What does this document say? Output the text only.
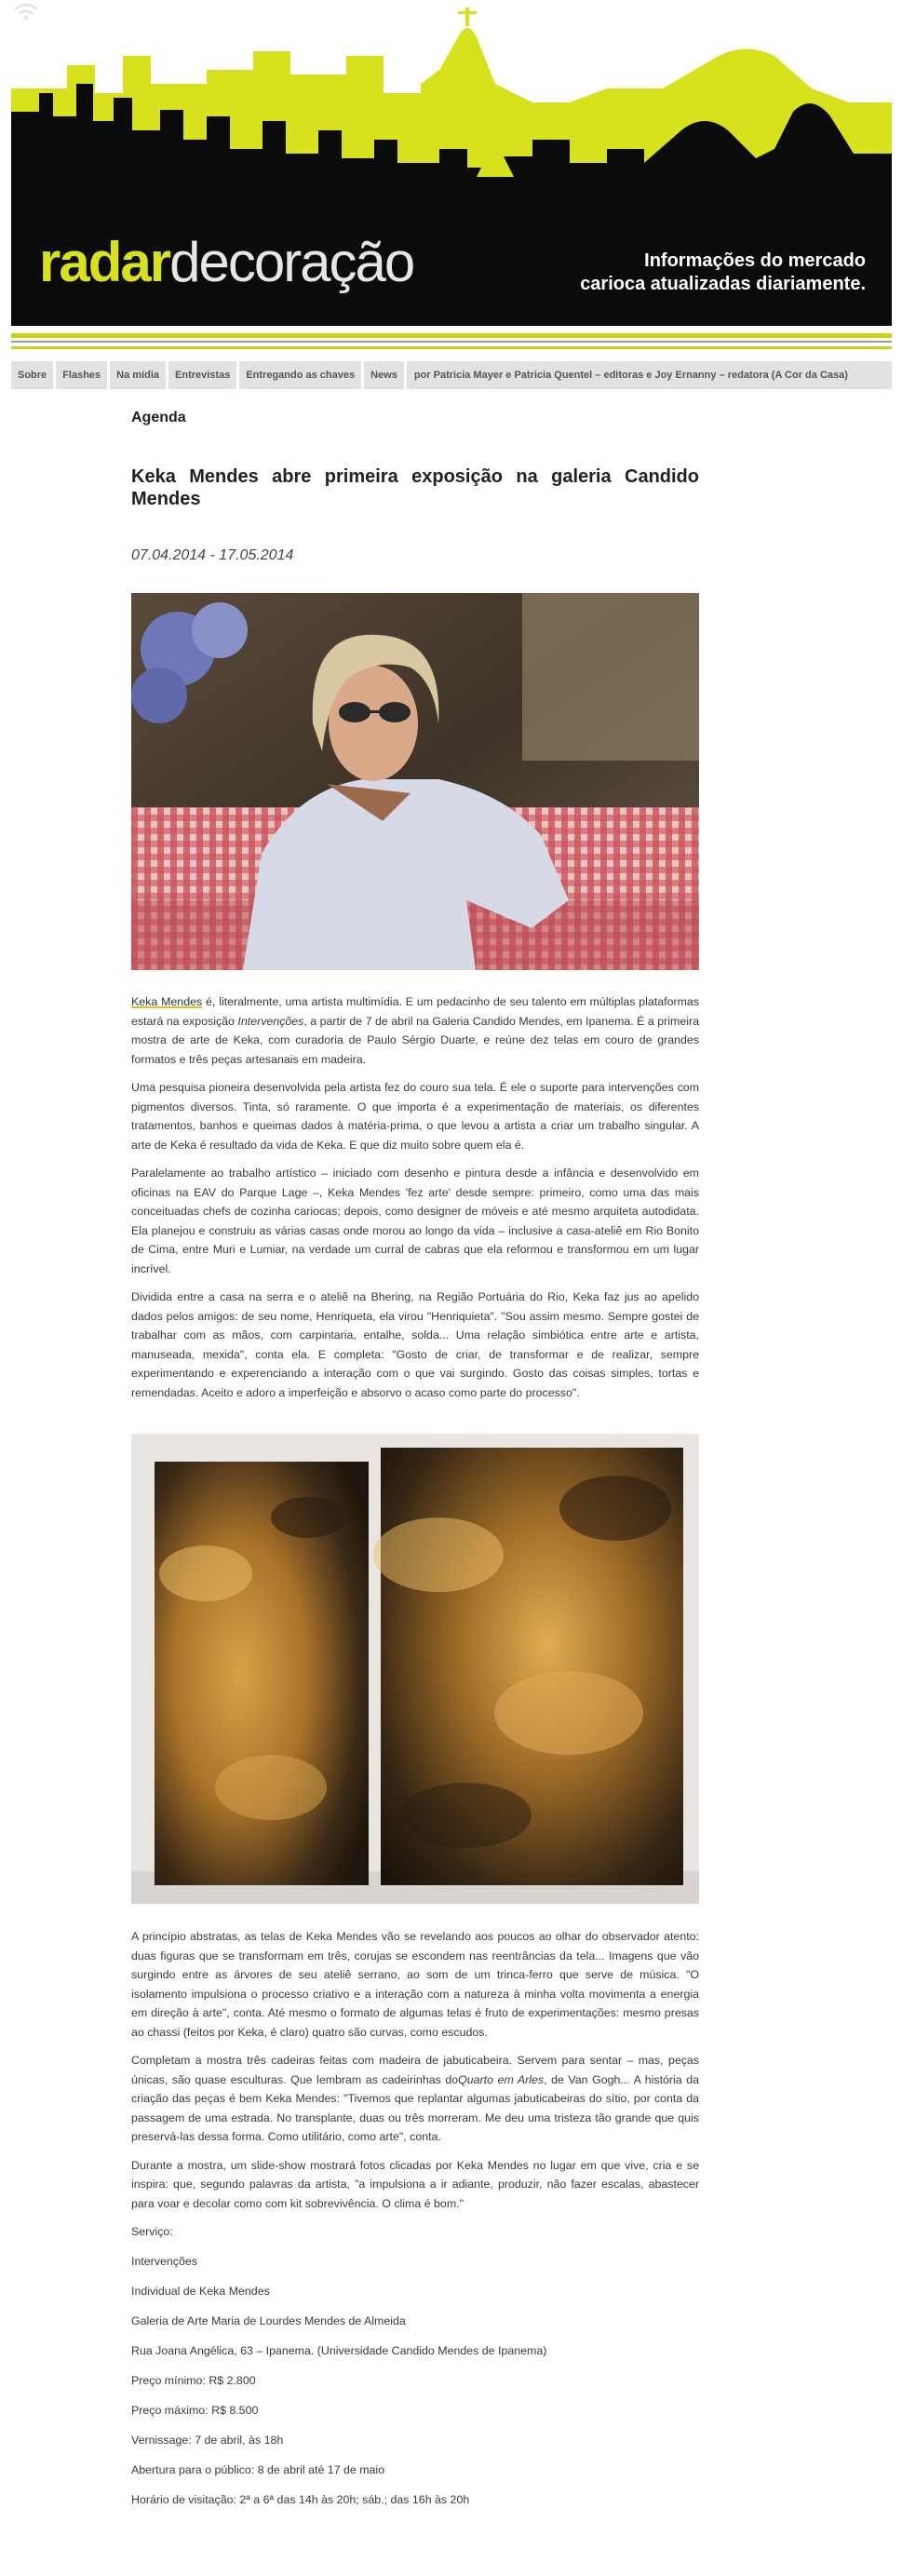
radardecoração	Informações do mercado
carioca atualizadas diariamente.
Sobre	Flashes	Na mídia	Entrevistas	Entregando as chaves	News	por Patricia Mayer e Patricia Quentel – editoras e Joy Ernanny – redatora (A Cor da Casa)
Agenda
Keka Mendes abre primeira exposição na galeria Candido Mendes
07.04.2014 - 17.05.2014

Keka Mendes é, literalmente, uma artista multimídia. E um pedacinho de seu talento em múltiplas plataformas estará na exposição Intervenções, a partir de 7 de abril na Galeria Candido Mendes, em Ipanema. É a primeira mostra de arte de Keka, com curadoria de Paulo Sérgio Duarte, e reúne dez telas em couro de grandes formatos e três peças artesanais em madeira.

Uma pesquisa pioneira desenvolvida pela artista fez do couro sua tela. É ele o suporte para intervenções com pigmentos diversos. Tinta, só raramente. O que importa é a experimentação de materiais, os diferentes tratamentos, banhos e queimas dados à matéria-prima, o que levou a artista a criar um trabalho singular. A arte de Keka é resultado da vida de Keka. E que diz muito sobre quem ela é.

Paralelamente ao trabalho artístico – iniciado com desenho e pintura desde a infância e desenvolvido em oficinas na EAV do Parque Lage –, Keka Mendes 'fez arte' desde sempre: primeiro, como uma das mais conceituadas chefs de cozinha cariocas; depois, como designer de móveis e até mesmo arquiteta autodidata. Ela planejou e construiu as várias casas onde morou ao longo da vida – inclusive a casa-ateliê em Rio Bonito de Cima, entre Muri e Lumiar, na verdade um curral de cabras que ela reformou e transformou em um lugar incrível.

Dividida entre a casa na serra e o ateliê na Bhering, na Região Portuária do Rio, Keka faz jus ao apelido dados pelos amigos: de seu nome, Henriqueta, ela virou "Henriquieta". "Sou assim mesmo. Sempre gostei de trabalhar com as mãos, com carpintaria, entalhe, solda... Uma relação simbiótica entre arte e artista, manuseada, mexida", conta ela. E completa: "Gosto de criar, de transformar e de realizar, sempre experimentando e experenciando a interação com o que vai surgindo. Gosto das coisas simples, tortas e remendadas. Aceito e adoro a imperfeição e absorvo o acaso como parte do processo".

A princípio abstratas, as telas de Keka Mendes vão se revelando aos poucos ao olhar do observador atento: duas figuras que se transformam em três, corujas se escondem nas reentrâncias da tela... Imagens que vão surgindo entre as árvores de seu ateliê serrano, ao som de um trinca-ferro que serve de música. "O isolamento impulsiona o processo criativo e a interação com a natureza à minha volta movimenta a energia em direção à arte", conta. Até mesmo o formato de algumas telas é fruto de experimentações: mesmo presas ao chassi (feitos por Keka, é claro) quatro são curvas, como escudos.

Completam a mostra três cadeiras feitas com madeira de jabuticabeira. Servem para sentar – mas, peças únicas, são quase esculturas. Que lembram as cadeirinhas doQuarto em Arles, de Van Gogh... A história da criação das peças é bem Keka Mendes: "Tivemos que replantar algumas jabuticabeiras do sítio, por conta da passagem de uma estrada. No transplante, duas ou três morreram. Me deu uma tristeza tão grande que quis preservá-las dessa forma. Como utilitário, como arte", conta.

Durante a mostra, um slide-show mostrará fotos clicadas por Keka Mendes no lugar em que vive, cria e se inspira: que, segundo palavras da artista, "a impulsiona a ir adiante, produzir, não fazer escalas, abastecer para voar e decolar como com kit sobrevivência. O clima é bom."

Serviço:

Intervenções

Individual de Keka Mendes

Galeria de Arte Maria de Lourdes Mendes de Almeida

Rua Joana Angélica, 63 – Ipanema. (Universidade Candido Mendes de Ipanema)

Preço mínimo: R$ 2.800

Preço máximo: R$ 8.500

Vernissage: 7 de abril, às 18h

Abertura para o público: 8 de abril até 17 de maio

Horário de visitação: 2ª a 6ª das 14h às 20h; sáb.; das 16h às 20h
